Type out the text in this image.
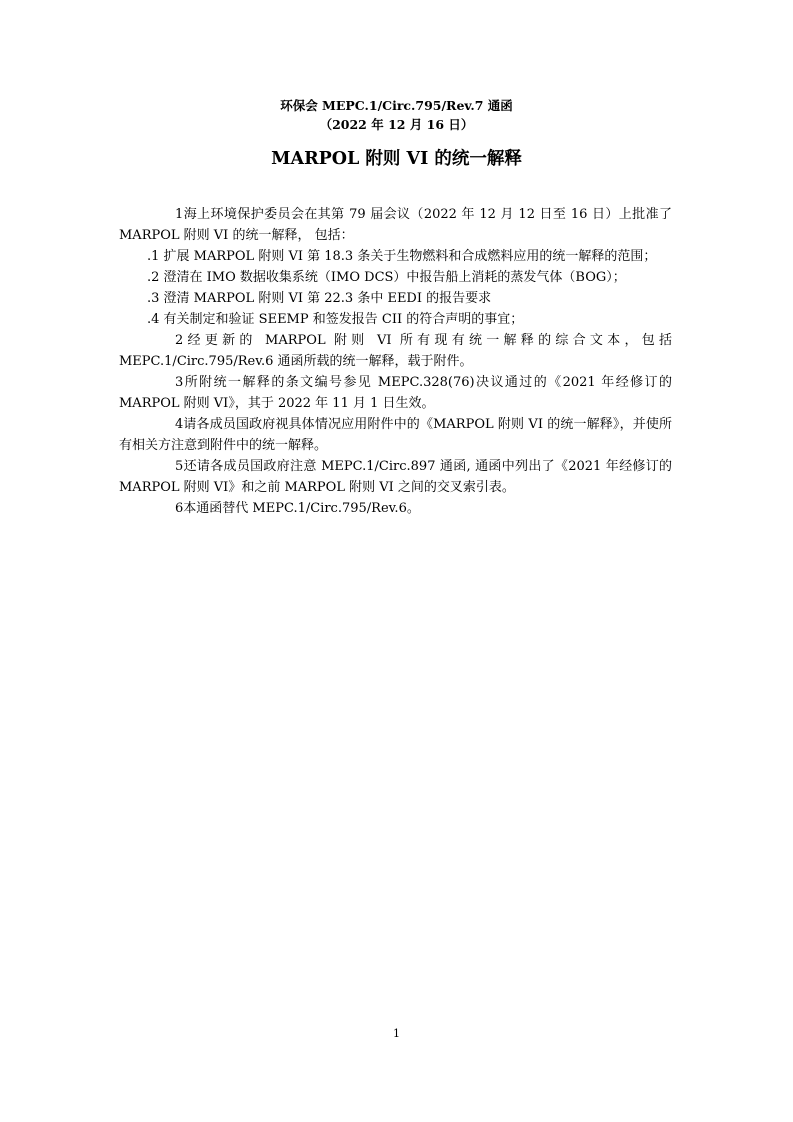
环保会 MEPC.1/Circ.795/Rev.7 通函
（2022 年 12 月 16 日）
MARPOL 附则 VI 的统一解释

1海上环境保护委员会在其第 79 届会议（2022 年 12 月 12 日至 16 日）上批准了 MARPOL 附则 VI 的统一解释， 包括：

.1 扩展 MARPOL 附则 VI 第 18.3 条关于生物燃料和合成燃料应用的统一解释的范围；

.2 澄清在 IMO 数据收集系统（IMO DCS）中报告船上消耗的蒸发气体（BOG）；

.3 澄清 MARPOL 附则 VI 第 22.3 条中 EEDI 的报告要求

.4 有关制定和验证 SEEMP 和签发报告 CII 的符合声明的事宜；

2经更新的 MARPOL 附则 VI 所有现有统一解释的综合文本，包括 MEPC.1/Circ.795/Rev.6 通函所载的统一解释，载于附件。

3所附统一解释的条文编号参见 MEPC.328(76)决议通过的《2021 年经修订的 MARPOL 附则 VI》，其于 2022 年 11 月 1 日生效。

4请各成员国政府视具体情况应用附件中的《MARPOL 附则 VI 的统一解释》，并使所有相关方注意到附件中的统一解释。

5还请各成员国政府注意 MEPC.1/Circ.897 通函, 通函中列出了《2021 年经修订的 MARPOL 附则 VI》和之前 MARPOL 附则 VI 之间的交叉索引表。

6本通函替代 MEPC.1/Circ.795/Rev.6。

1
